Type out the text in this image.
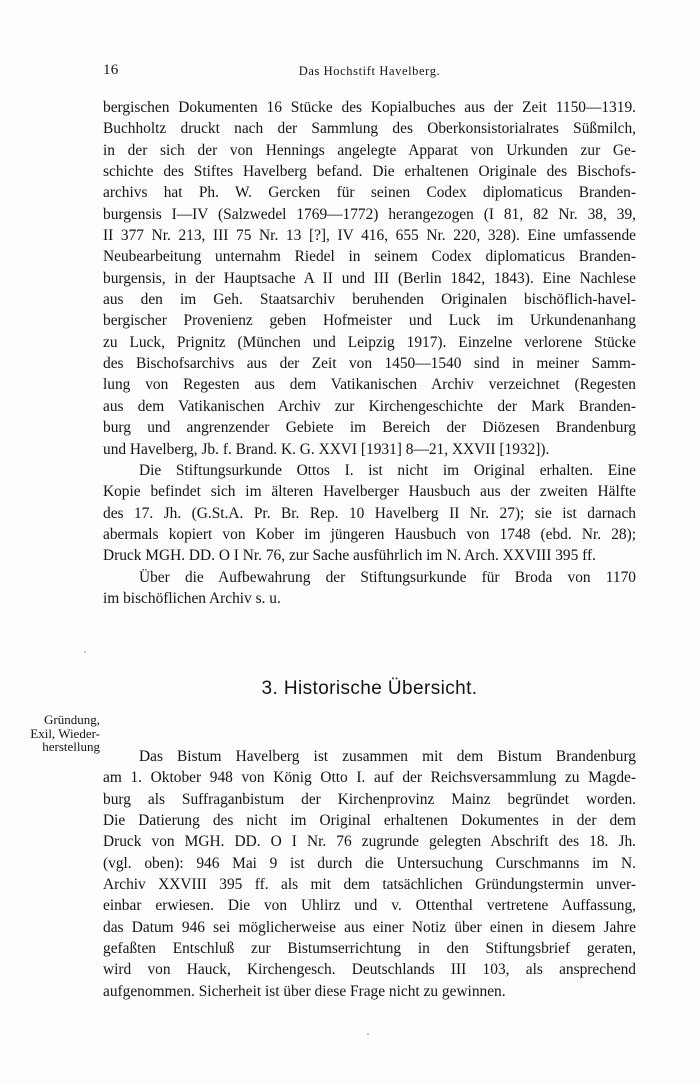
16	Das Hochstift Havelberg.
bergischen Dokumenten 16 Stücke des Kopialbuches aus der Zeit 1150—1319.
Buchholtz druckt nach der Sammlung des Oberkonsistorialrates Süßmilch,
in der sich der von Hennings angelegte Apparat von Urkunden zur Ge-
schichte des Stiftes Havelberg befand. Die erhaltenen Originale des Bischofs-
archivs hat Ph. W. Gercken für seinen Codex diplomaticus Branden-
burgensis I—IV (Salzwedel 1769—1772) herangezogen (I 81, 82 Nr. 38, 39,
II 377 Nr. 213, III 75 Nr. 13 [?], IV 416, 655 Nr. 220, 328). Eine umfassende
Neubearbeitung unternahm Riedel in seinem Codex diplomaticus Branden-
burgensis, in der Hauptsache A II und III (Berlin 1842, 1843). Eine Nachlese
aus den im Geh. Staatsarchiv beruhenden Originalen bischöflich-havel-
bergischer Provenienz geben Hofmeister und Luck im Urkundenanhang
zu Luck, Prignitz (München und Leipzig 1917). Einzelne verlorene Stücke
des Bischofsarchivs aus der Zeit von 1450—1540 sind in meiner Samm-
lung von Regesten aus dem Vatikanischen Archiv verzeichnet (Regesten
aus dem Vatikanischen Archiv zur Kirchengeschichte der Mark Branden-
burg und angrenzender Gebiete im Bereich der Diözesen Brandenburg
und Havelberg, Jb. f. Brand. K. G. XXVI [1931] 8—21, XXVII [1932]).
Die Stiftungsurkunde Ottos I. ist nicht im Original erhalten. Eine
Kopie befindet sich im älteren Havelberger Hausbuch aus der zweiten Hälfte
des 17. Jh. (G.St.A. Pr. Br. Rep. 10 Havelberg II Nr. 27); sie ist darnach
abermals kopiert von Kober im jüngeren Hausbuch von 1748 (ebd. Nr. 28);
Druck MGH. DD. O I Nr. 76, zur Sache ausführlich im N. Arch. XXVIII 395 ff.
Über die Aufbewahrung der Stiftungsurkunde für Broda von 1170
im bischöflichen Archiv s. u.
3. Historische Übersicht.
Gründung,
Exil, Wieder-
herstellung
Das Bistum Havelberg ist zusammen mit dem Bistum Brandenburg
am 1. Oktober 948 von König Otto I. auf der Reichsversammlung zu Magde-
burg als Suffraganbistum der Kirchenprovinz Mainz begründet worden.
Die Datierung des nicht im Original erhaltenen Dokumentes in der dem
Druck von MGH. DD. O I Nr. 76 zugrunde gelegten Abschrift des 18. Jh.
(vgl. oben): 946 Mai 9 ist durch die Untersuchung Curschmanns im N.
Archiv XXVIII 395 ff. als mit dem tatsächlichen Gründungstermin unver-
einbar erwiesen. Die von Uhlirz und v. Ottenthal vertretene Auffassung,
das Datum 946 sei möglicherweise aus einer Notiz über einen in diesem Jahre
gefaßten Entschluß zur Bistumserrichtung in den Stiftungsbrief geraten,
wird von Hauck, Kirchengesch. Deutschlands III 103, als ansprechend
aufgenommen. Sicherheit ist über diese Frage nicht zu gewinnen.
